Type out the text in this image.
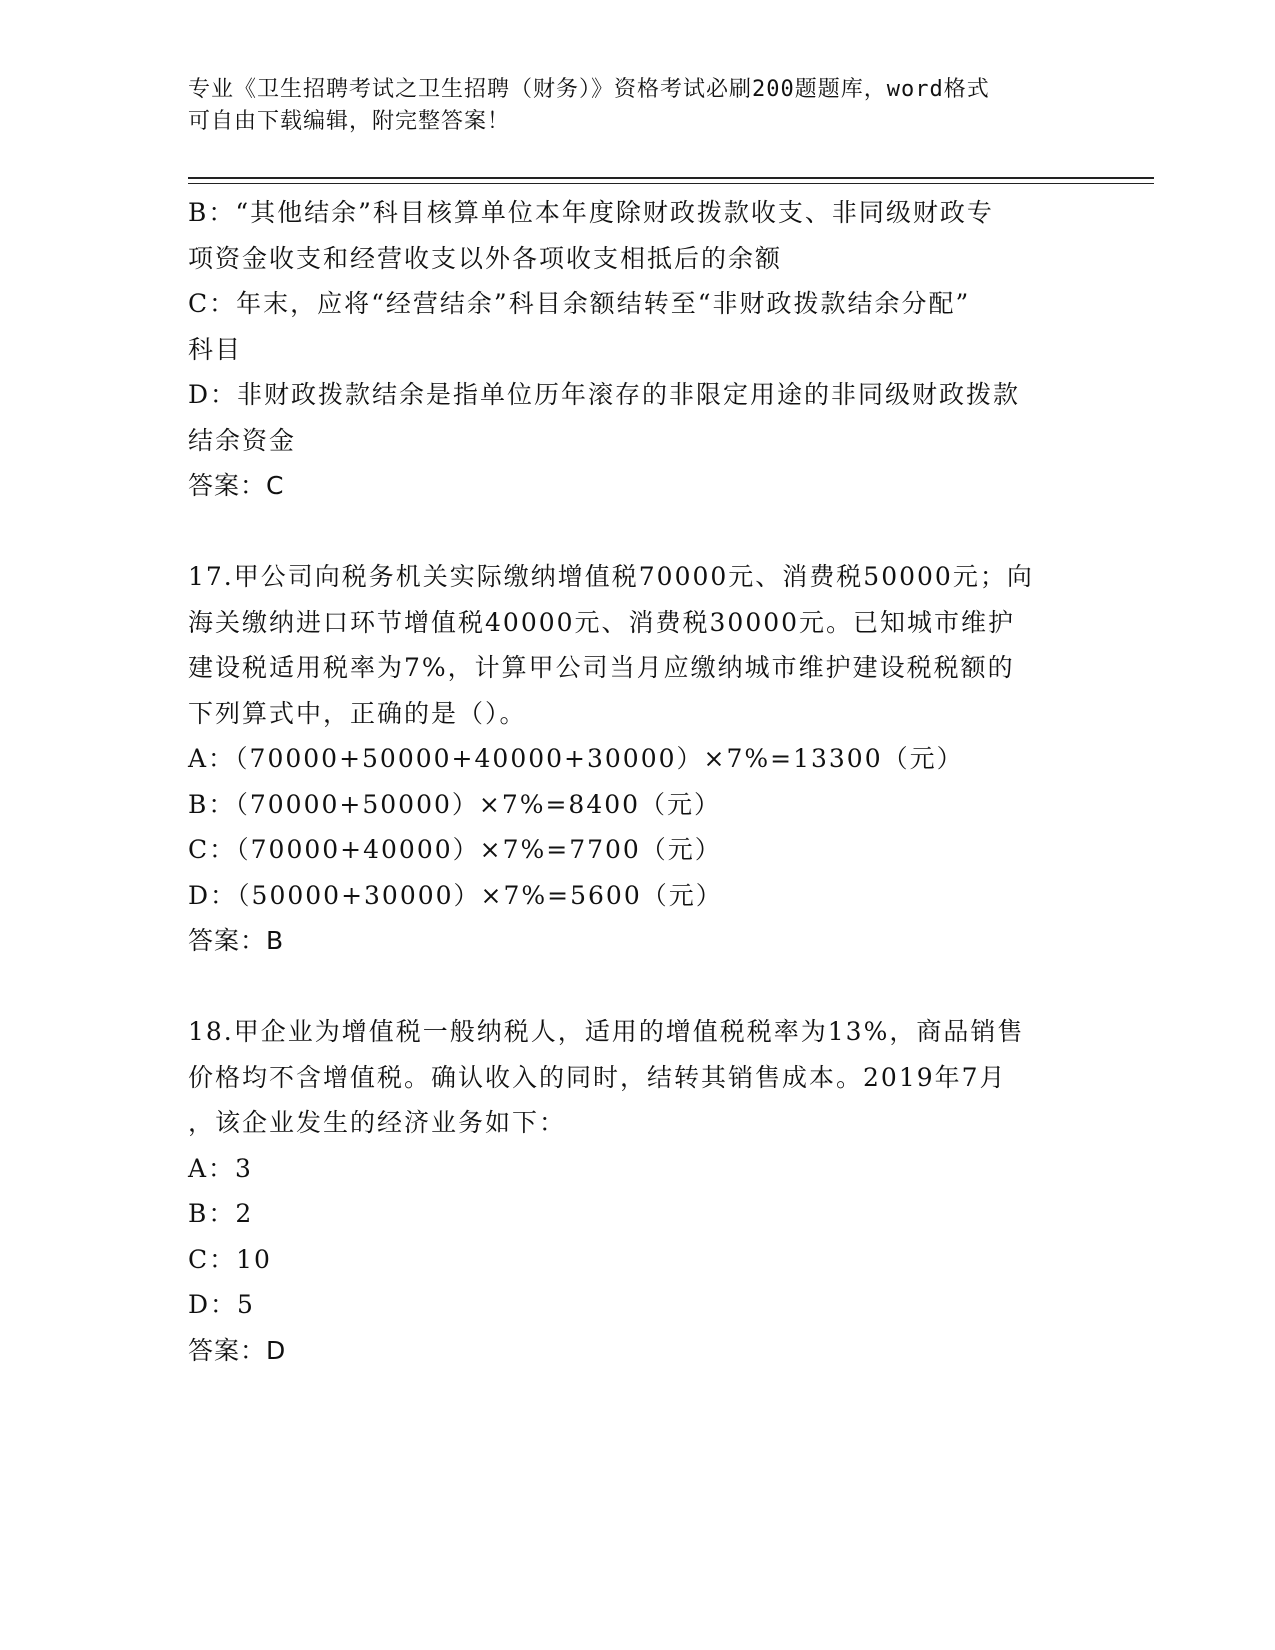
专业《卫生招聘考试之卫生招聘（财务）》资格考试必刷200题题库，word格式
可自由下载编辑，附完整答案！
B：“其他结余”科目核算单位本年度除财政拨款收支、非同级财政专
项资金收支和经营收支以外各项收支相抵后的余额
C：年末，应将“经营结余”科目余额结转至“非财政拨款结余分配”
科目
D：非财政拨款结余是指单位历年滚存的非限定用途的非同级财政拨款
结余资金
答案：C
17.甲公司向税务机关实际缴纳增值税70000元、消费税50000元；向
海关缴纳进口环节增值税40000元、消费税30000元。已知城市维护
建设税适用税率为7%，计算甲公司当月应缴纳城市维护建设税税额的
下列算式中，正确的是（）。
A：（70000+50000+40000+30000）×7%=13300（元）
B：（70000+50000）×7%=8400（元）
C：（70000+40000）×7%=7700（元）
D：（50000+30000）×7%=5600（元）
答案：B
18.甲企业为增值税一般纳税人，适用的增值税税率为13%，商品销售
价格均不含增值税。确认收入的同时，结转其销售成本。2019年7月
，该企业发生的经济业务如下：
A：3
B：2
C：10
D：5
答案：D
